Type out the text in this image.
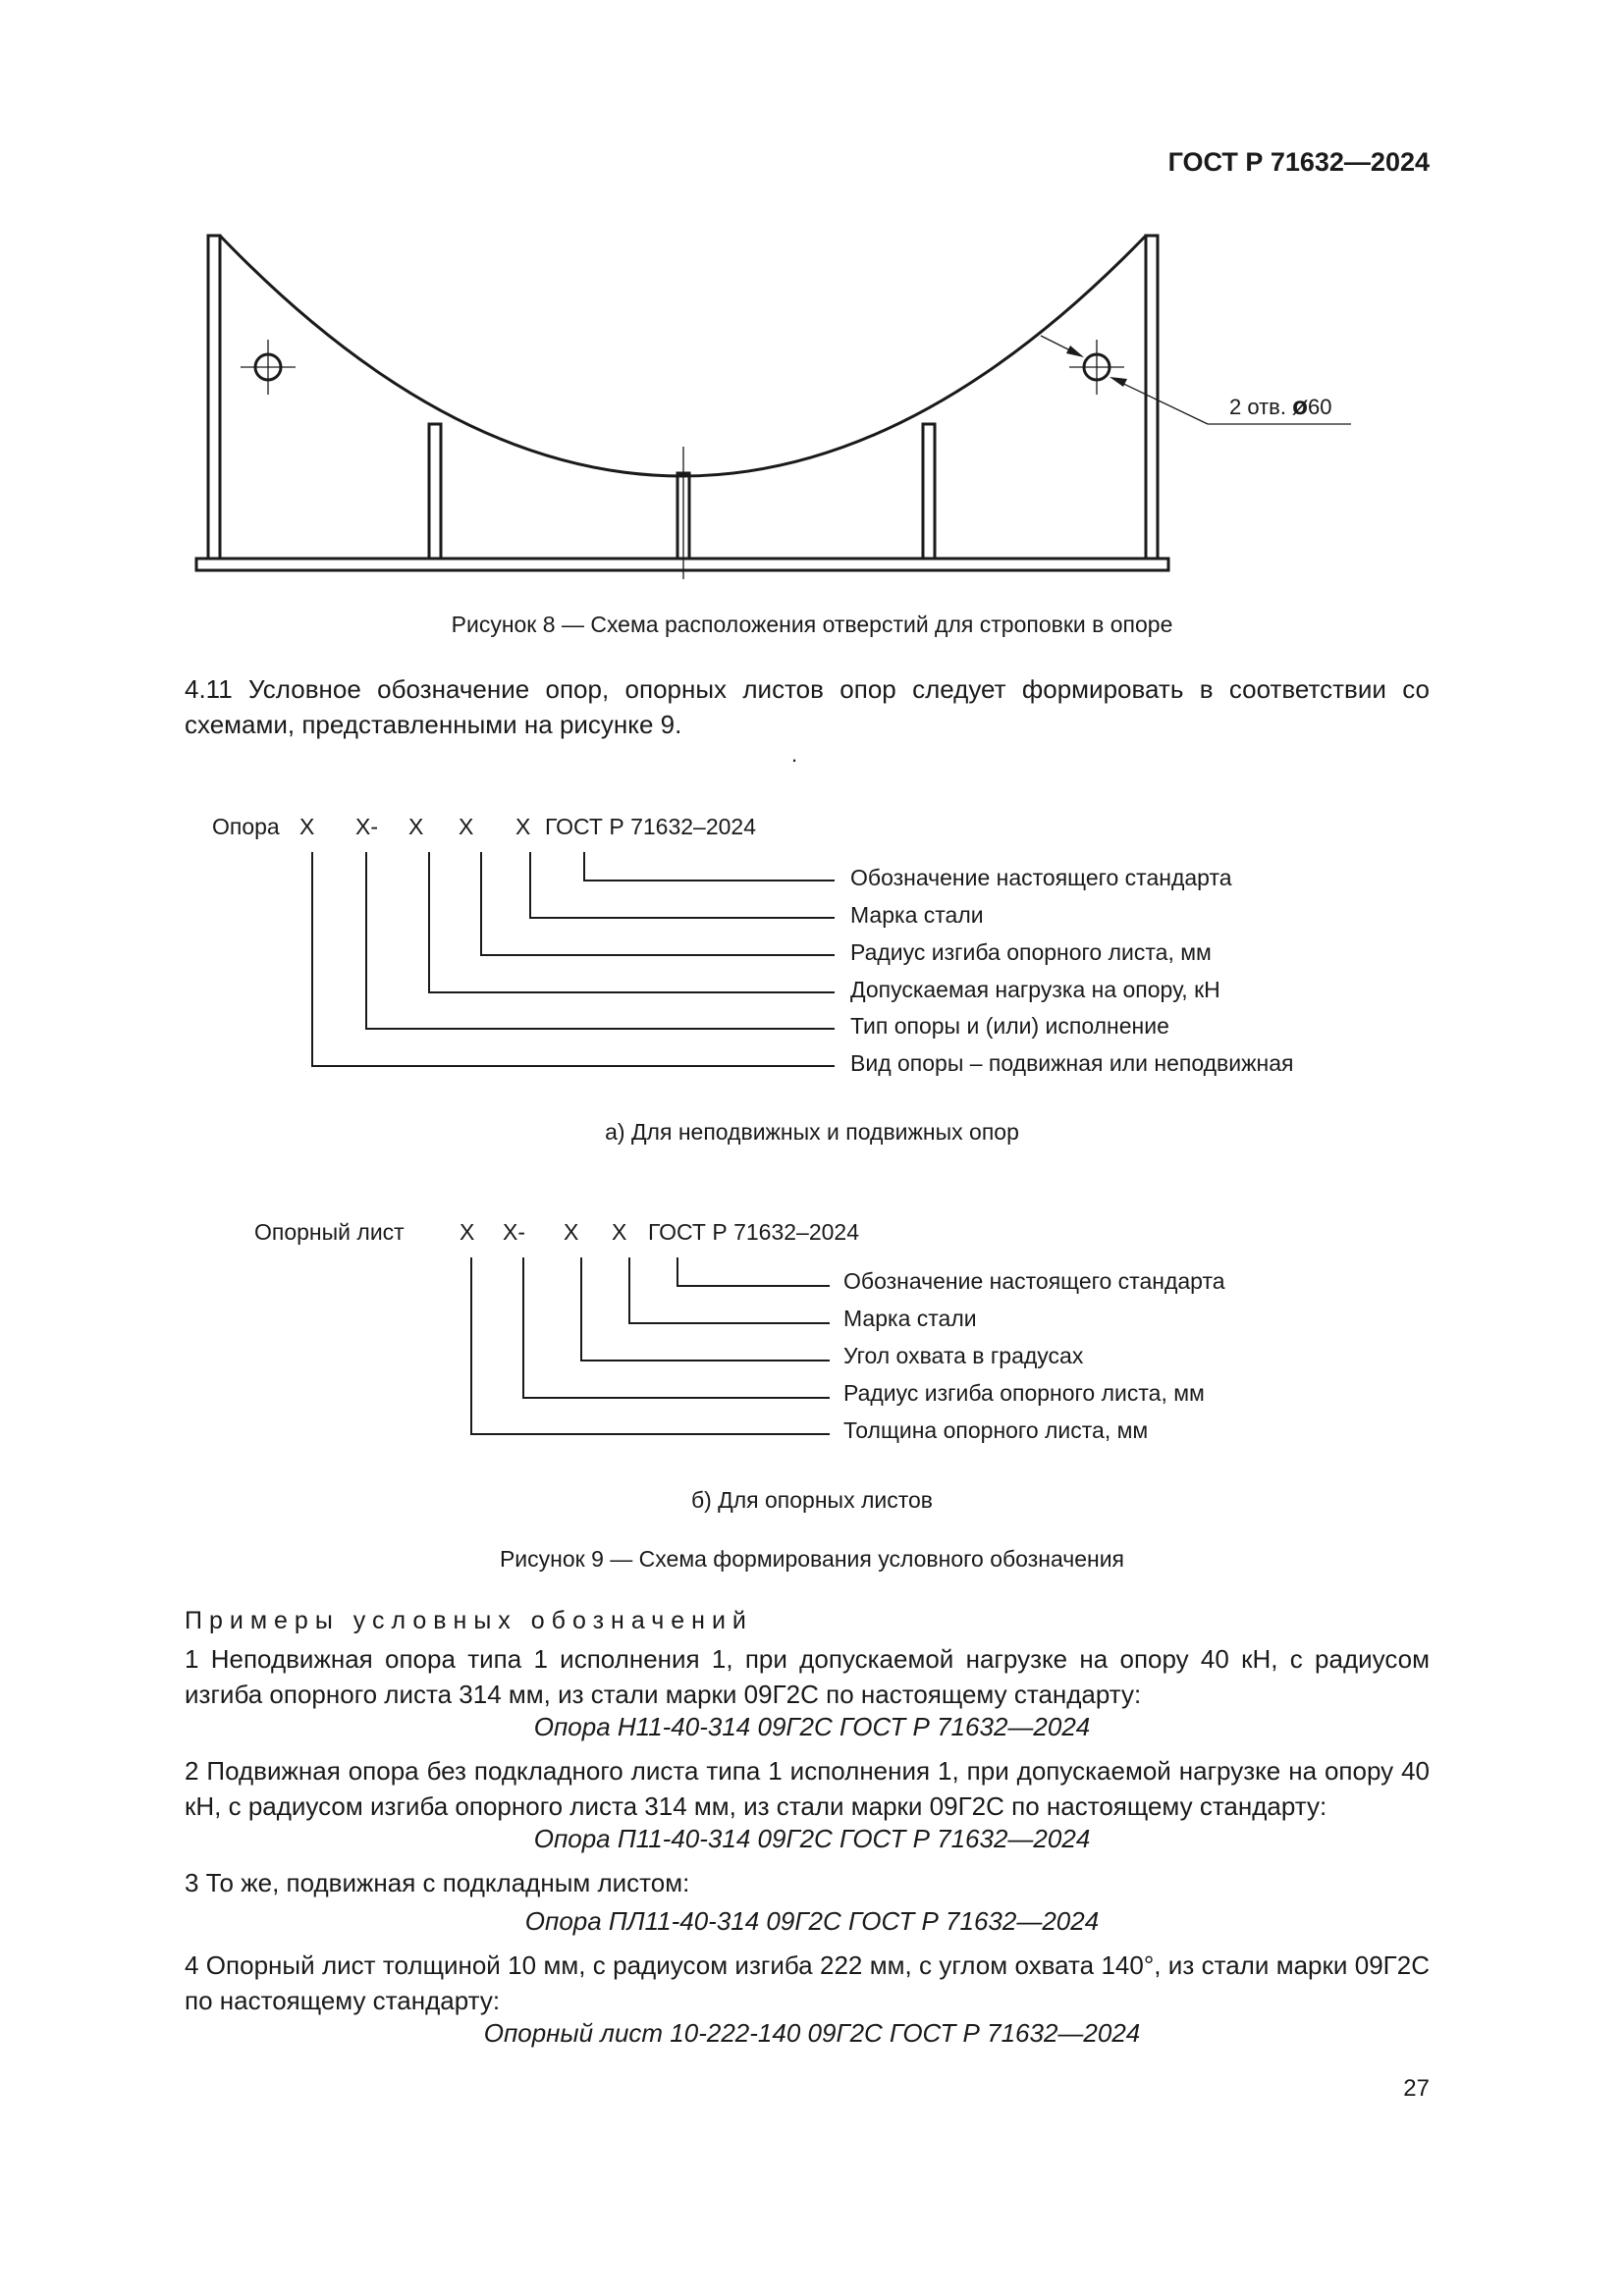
ГОСТ Р 71632—2024
2 отв. ø60
Рисунок 8 — Схема расположения отверстий для строповки в опоре
4.11 Условное обозначение опор, опорных листов опор следует формировать в соответствии со схемами, представленными на рисунке 9.
.
Опора Х Х- Х Х Х ГОСТ Р 71632–2024
Обозначение настоящего стандарта
Марка стали
Радиус изгиба опорного листа, мм
Допускаемая нагрузка на опору, кН
Тип опоры и (или) исполнение
Вид опоры – подвижная или неподвижная
а) Для неподвижных и подвижных опор
Опорный лист Х Х- Х Х ГОСТ Р 71632–2024
Обозначение настоящего стандарта
Марка стали
Угол охвата в градусах
Радиус изгиба опорного листа, мм
Толщина опорного листа, мм
б) Для опорных листов
Рисунок 9 — Схема формирования условного обозначения
Примеры условных обозначений
1 Неподвижная опора типа 1 исполнения 1, при допускаемой нагрузке на опору 40 кН, с радиусом изгиба опорного листа 314 мм, из стали марки 09Г2С по настоящему стандарту:
Опора Н11-40-314 09Г2С ГОСТ Р 71632—2024
2 Подвижная опора без подкладного листа типа 1 исполнения 1, при допускаемой нагрузке на опору 40 кН, с радиусом изгиба опорного листа 314 мм, из стали марки 09Г2С по настоящему стандарту:
Опора П11-40-314 09Г2С ГОСТ Р 71632—2024
3 То же, подвижная с подкладным листом:
Опора ПЛ11-40-314 09Г2С ГОСТ Р 71632—2024
4 Опорный лист толщиной 10 мм, с радиусом изгиба 222 мм, с углом охвата 140°, из стали марки 09Г2С по настоящему стандарту:
Опорный лист 10-222-140 09Г2С ГОСТ Р 71632—2024
27
